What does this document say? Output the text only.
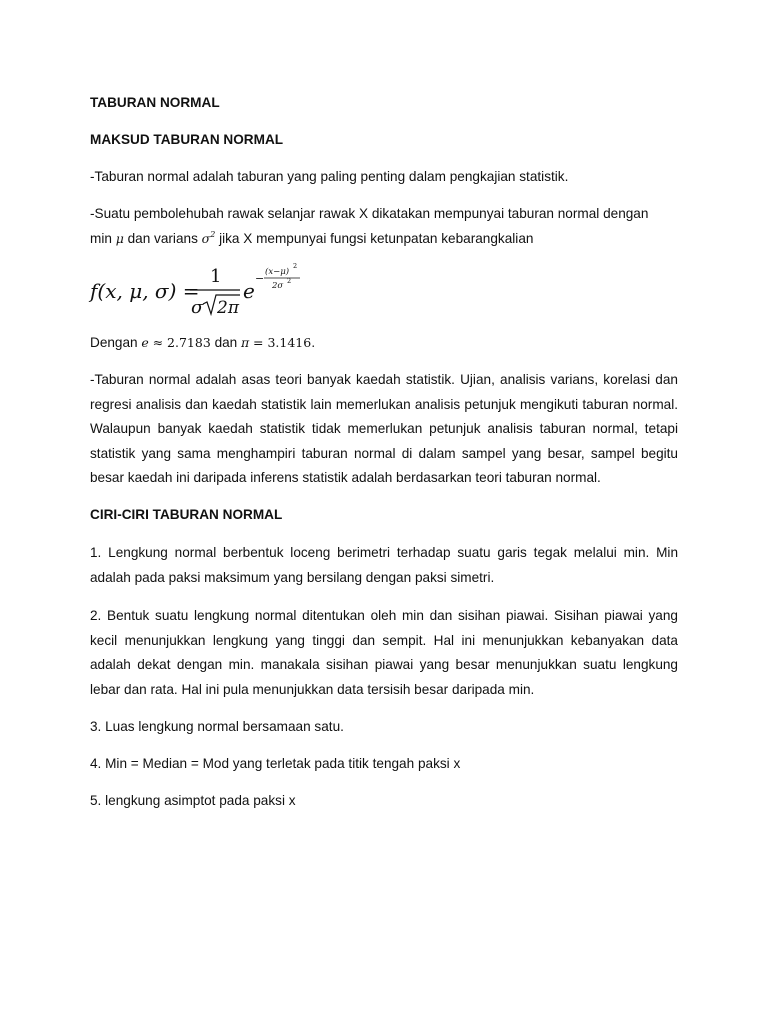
TABURAN NORMAL
MAKSUD TABURAN NORMAL
-Taburan normal adalah taburan yang paling penting dalam pengkajian statistik.
-Suatu pembolehubah rawak selanjar rawak X dikatakan mempunyai taburan normal dengan
min μ dan varians $\sigma^2$ jika X mempunyai fungsi ketunpatan kebarangkalian
f(x, μ, σ) =
1
σ 2π
e
− (x−μ)
2
2σ 2
Dengan e ≈ 2.7183 dan π = 3.1416.
-Taburan normal adalah asas teori banyak kaedah statistik. Ujian, analisis varians, korelasi dan regresi analisis dan kaedah statistik lain memerlukan analisis petunjuk mengikuti taburan normal. Walaupun banyak kaedah statistik tidak memerlukan petunjuk analisis taburan normal, tetapi statistik yang sama menghampiri taburan normal di dalam sampel yang besar, sampel begitu besar kaedah ini daripada inferens statistik adalah berdasarkan teori taburan normal.
CIRI-CIRI TABURAN NORMAL
1. Lengkung normal berbentuk loceng berimetri terhadap suatu garis tegak melalui min. Min adalah pada paksi maksimum yang bersilang dengan paksi simetri.
2. Bentuk suatu lengkung normal ditentukan oleh min dan sisihan piawai. Sisihan piawai yang kecil menunjukkan lengkung yang tinggi dan sempit. Hal ini menunjukkan kebanyakan data adalah dekat dengan min. manakala sisihan piawai yang besar menunjukkan suatu lengkung lebar dan rata. Hal ini pula menunjukkan data tersisih besar daripada min.
3. Luas lengkung normal bersamaan satu.
4. Min = Median = Mod yang terletak pada titik tengah paksi x
5. lengkung asimptot pada paksi x
